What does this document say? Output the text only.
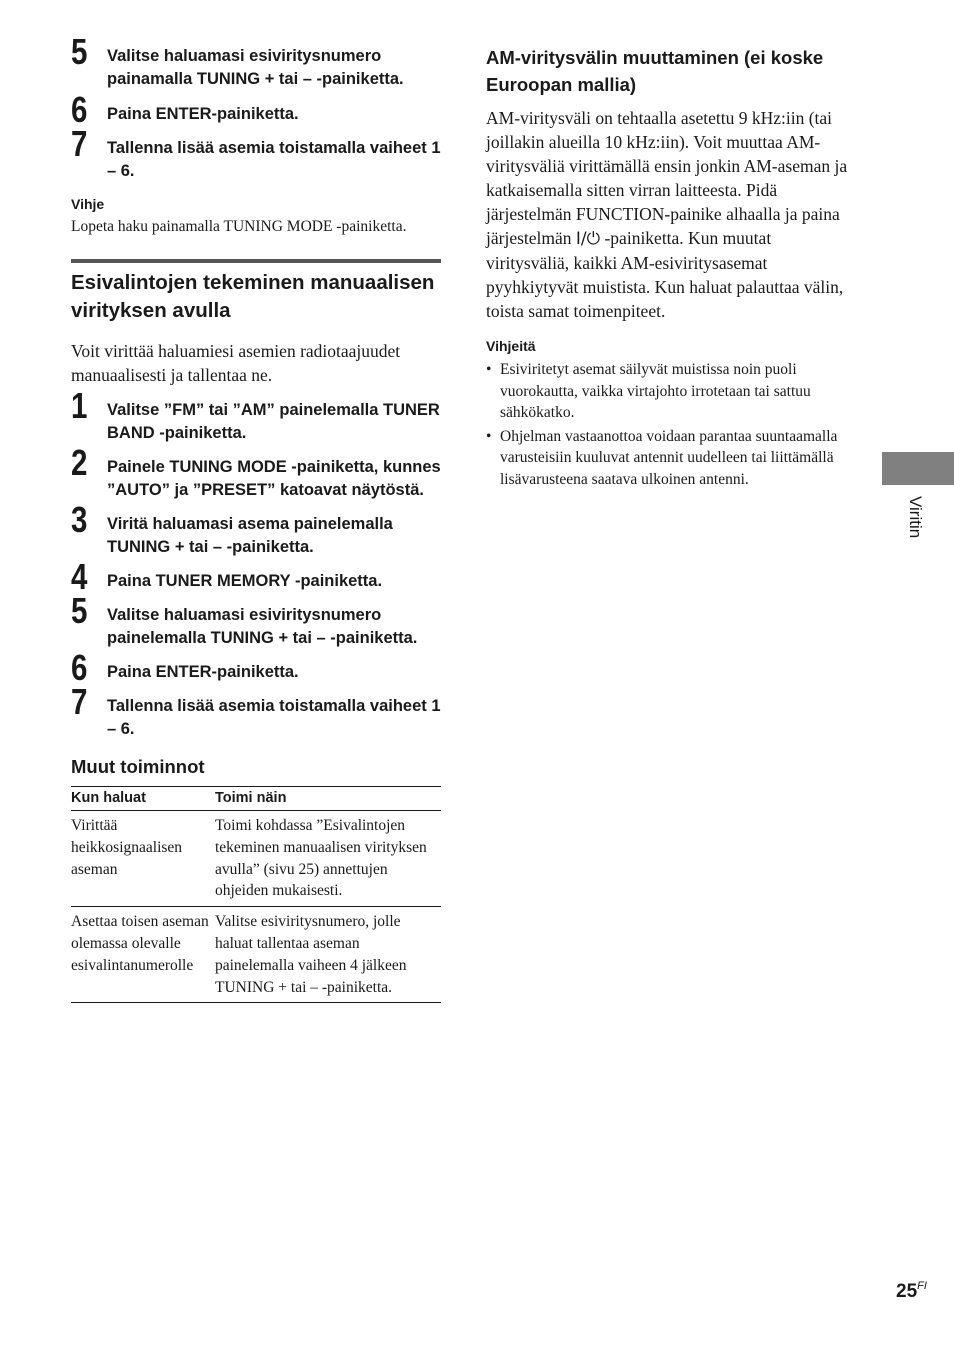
5	Valitse haluamasi esiviritysnumero painamalla TUNING + tai – -painiketta.
6	Paina ENTER-painiketta.
7	Tallenna lisää asemia toistamalla vaiheet 1 – 6.
Vihje
Lopeta haku painamalla TUNING MODE -painiketta.
Esivalintojen tekeminen manuaalisen virityksen avulla
Voit virittää haluamiesi asemien radiotaajuudet manuaalisesti ja tallentaa ne.
1	Valitse ”FM” tai ”AM” painelemalla TUNER BAND -painiketta.
2	Painele TUNING MODE -painiketta, kunnes ”AUTO” ja ”PRESET” katoavat näytöstä.
3	Viritä haluamasi asema painelemalla TUNING + tai – -painiketta.
4	Paina TUNER MEMORY -painiketta.
5	Valitse haluamasi esiviritysnumero painelemalla TUNING + tai – -painiketta.
6	Paina ENTER-painiketta.
7	Tallenna lisää asemia toistamalla vaiheet 1 – 6.
Muut toiminnot
Kun haluat	Toimi näin
Virittää heikkosignaalisen aseman	Toimi kohdassa ”Esivalintojen tekeminen manuaalisen virityksen avulla” (sivu 25) annettujen ohjeiden mukaisesti.
Asettaa toisen aseman olemassa olevalle esivalintanumerolle	Valitse esiviritysnumero, jolle haluat tallentaa aseman painelemalla vaiheen 4 jälkeen TUNING + tai – -painiketta.
AM-viritysvälin muuttaminen (ei koske Euroopan mallia)

AM-viritysväli on tehtaalla asetettu 9 kHz:iin (tai joillakin alueilla 10 kHz:iin). Voit muuttaa AM-viritysväliä virittämällä ensin jonkin AM-aseman ja katkaisemalla sitten virran laitteesta. Pidä järjestelmän FUNCTION-painike alhaalla ja paina järjestelmän I/⏻ -painiketta. Kun muutat viritysväliä, kaikki AM-esiviritysasemat pyyhkiytyvät muistista. Kun haluat palauttaa välin, toista samat toimenpiteet.

Vihjeitä
• Esiviritetyt asemat säilyvät muistissa noin puoli vuorokautta, vaikka virtajohto irrotetaan tai sattuu sähkökatko.
• Ohjelman vastaanottoa voidaan parantaa suuntaamalla varusteisiin kuuluvat antennit uudelleen tai liittämällä lisävarusteena saatava ulkoinen antenni.
Viritin
$25^{FI}$
